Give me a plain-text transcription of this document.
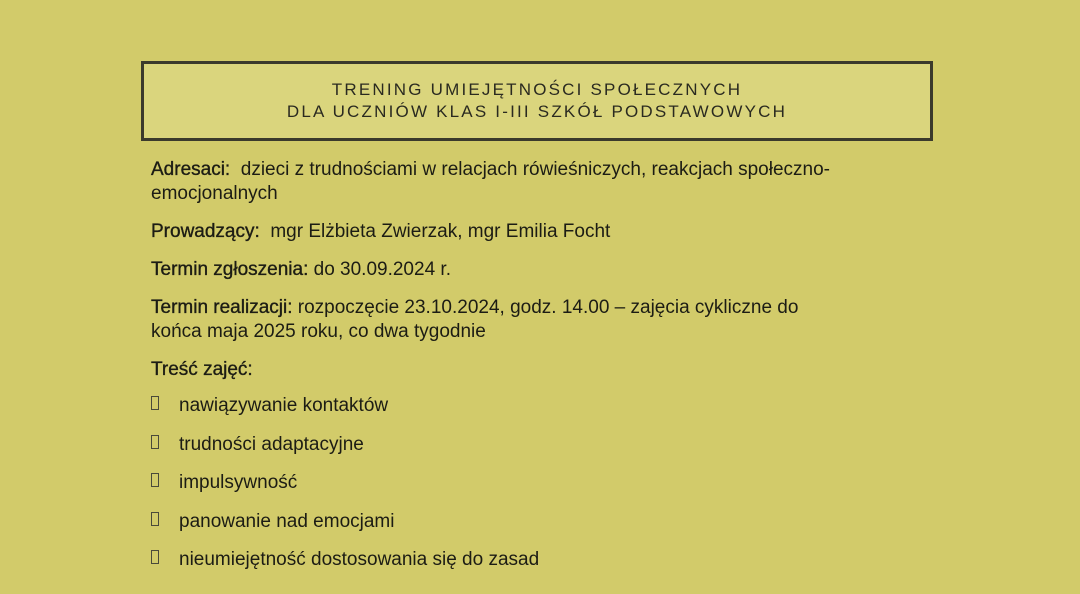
TRENING UMIEJĘTNOŚCI SPOŁECZNYCH
DLA UCZNIÓW KLAS I-III SZKÓŁ PODSTAWOWYCH
Adresaci: dzieci z trudnościami w relacjach rówieśniczych, reakcjach społeczno-
emocjonalnych
Prowadzący: mgr Elżbieta Zwierzak, mgr Emilia Focht
Termin zgłoszenia: do 30.09.2024 r.
Termin realizacji: rozpoczęcie 23.10.2024, godz. 14.00 – zajęcia cykliczne do
końca maja 2025 roku, co dwa tygodnie
Treść zajęć:
nawiązywanie kontaktów
trudności adaptacyjne
impulsywność
panowanie nad emocjami
nieumiejętność dostosowania się do zasad
